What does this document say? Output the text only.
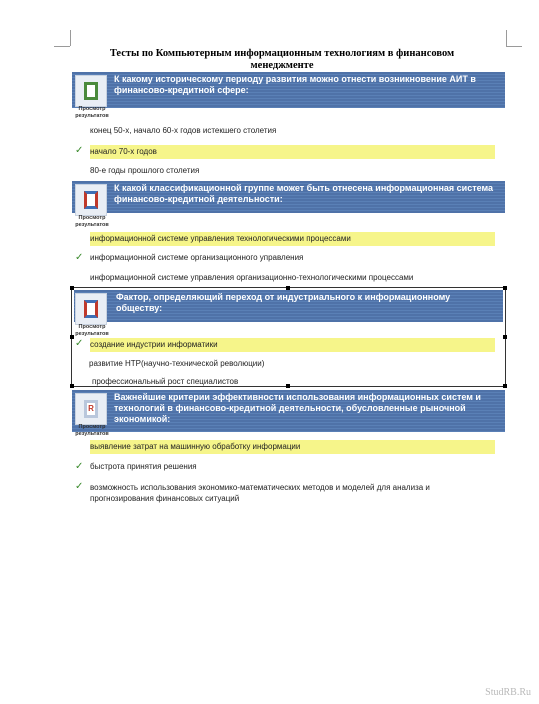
Тесты по Компьютерным информационным технологиям в финансовом менеджменте
К какому историческому периоду развития можно отнести возникновение АИТ в финансово-кредитной сфере:
Просмотр результатов
конец 50-х, начало 60-х годов истекшего столетия
✓ начало 70-х годов
80-е годы прошлого столетия
К какой классификационной группе может быть отнесена информационная система финансово-кредитной деятельности:
Просмотр результатов
информационной системе управления технологическими процессами
✓ информационной системе организационного управления
информационной системе управления организационно-технологическими процессами
Фактор, определяющий переход от индустриального к информационному обществу:
Просмотр результатов
✓ создание индустрии информатики
развитие НТР(научно-технической революции)
профессиональный рост специалистов
Важнейшие критерии эффективности использования информационных систем и технологий в финансово-кредитной деятельности, обусловленные рыночной экономикой:
R
Просмотр результатов
выявление затрат на машинную обработку информации
✓ быстрота принятия решения
✓ возможность использования экономико-математических методов и моделей для анализа и прогнозирования финансовых ситуаций
StudRB.Ru
